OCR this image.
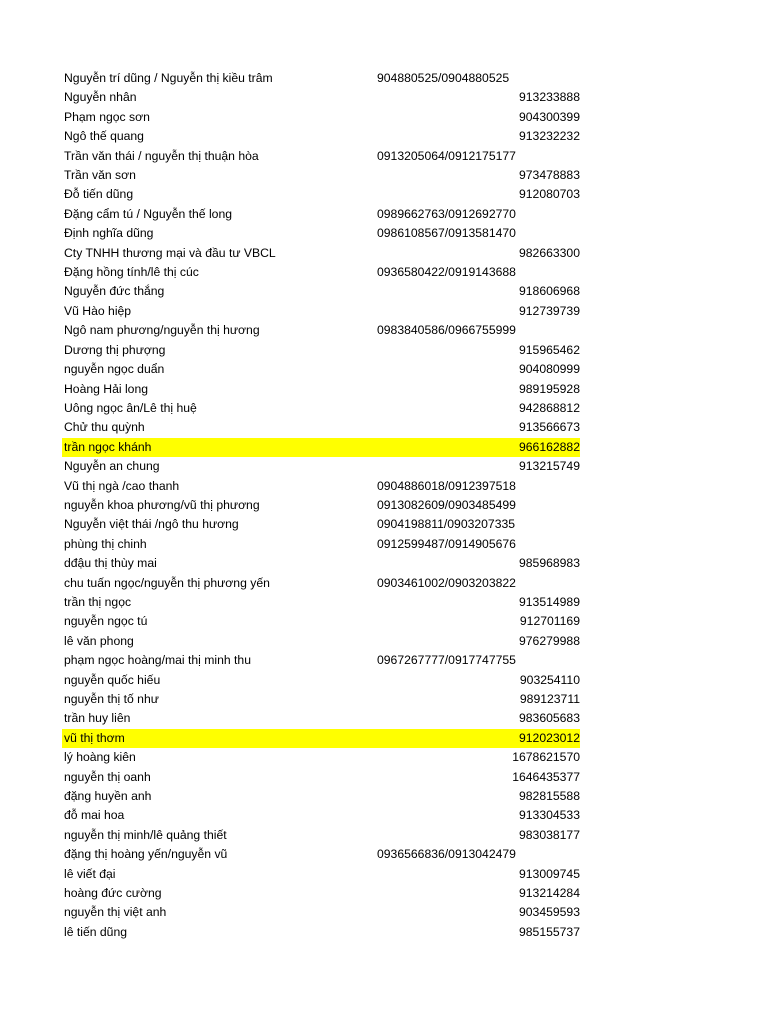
Nguyễn trí dũng / Nguyễn thị kiều trâm	904880525/0904880525
Nguyễn nhân	913233888
Phạm ngọc sơn	904300399
Ngô thế quang	913232232
Trần văn thái / nguyễn thị thuận hòa	0913205064/0912175177
Trần văn sơn	973478883
Đỗ tiến dũng	912080703
Đặng cẩm tú / Nguyễn thế long	0989662763/0912692770
Định nghĩa dũng	0986108567/0913581470
Cty TNHH thương mại và đầu tư VBCL	982663300
Đặng hồng tính/lê thị cúc	0936580422/0919143688
Nguyễn đức thắng	918606968
Vũ Hào hiệp	912739739
Ngô nam phương/nguyễn thị hương	0983840586/0966755999
Dương thị phượng	915965462
nguyễn ngọc duẩn	904080999
Hoàng Hải long	989195928
Uông ngọc ân/Lê thị huệ	942868812
Chử thu quỳnh	913566673
trần ngọc khánh	966162882
Nguyễn an chung	913215749
Vũ thị ngà /cao thanh	0904886018/0912397518
nguyễn khoa phương/vũ thị phương	0913082609/0903485499
Nguyễn việt thái /ngô thu hương	0904198811/0903207335
phùng thị chinh	0912599487/0914905676
dđậu thị thùy mai	985968983
chu tuấn ngọc/nguyễn thị phương yến	0903461002/0903203822
trần thị ngọc	913514989
nguyễn ngọc tú	912701169
lê văn phong	976279988
phạm ngọc hoàng/mai thị minh thu	0967267777/0917747755
nguyễn quốc hiếu	903254110
nguyễn thị tố như	989123711
trần huy liên	983605683
vũ thị thơm	912023012
lý hoàng kiên	1678621570
nguyễn thị oanh	1646435377
đặng huyền anh	982815588
đỗ mai hoa	913304533
nguyễn thị minh/lê quảng thiết	983038177
đặng thị hoàng yến/nguyễn vũ	0936566836/0913042479
lê viết đại	913009745
hoàng đức cường	913214284
nguyễn thị việt anh	903459593
lê tiến dũng	985155737
